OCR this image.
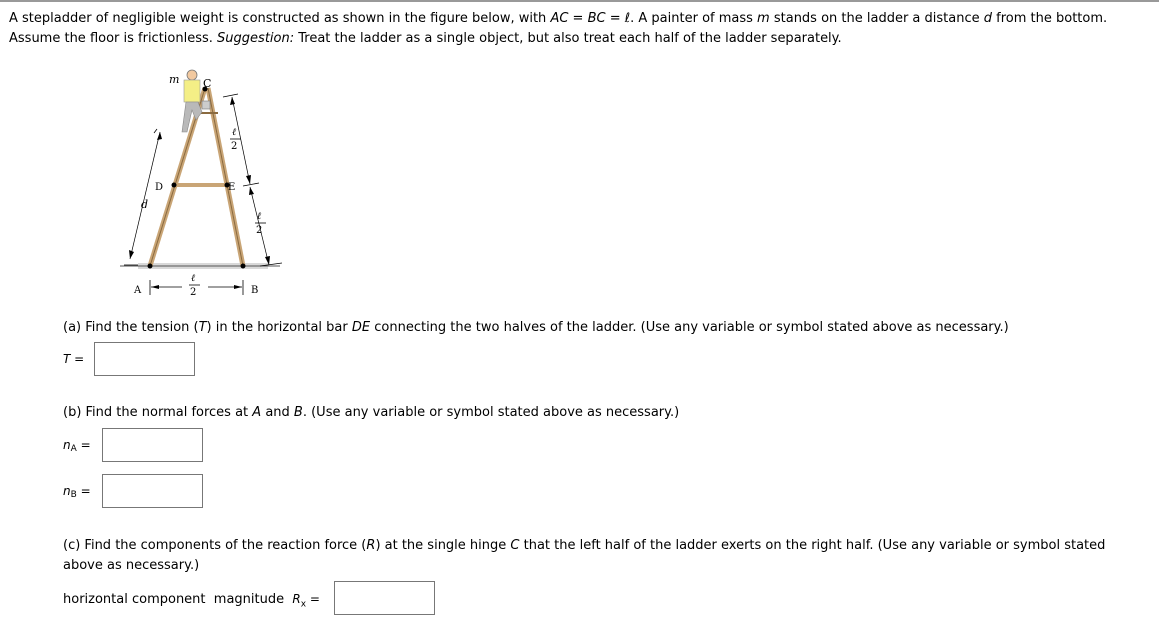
A stepladder of negligible weight is constructed as shown in the figure below, with AC = BC = ℓ. A painter of mass m stands on the ladder a distance d from the bottom. Assume the floor is frictionless. Suggestion: Treat the ladder as a single object, but also treat each half of the ladder separately.
m C
D	E
d
A	B
ℓ
2
ℓ
2
ℓ
2
(a) Find the tension (T) in the horizontal bar DE connecting the two halves of the ladder. (Use any variable or symbol stated above as necessary.)
T =
(b) Find the normal forces at A and B. (Use any variable or symbol stated above as necessary.)
$n_A$ =
$n_B$ =
(c) Find the components of the reaction force (R) at the single hinge C that the left half of the ladder exerts on the right half. (Use any variable or symbol stated above as necessary.)
horizontal component magnitude $R_x$ =
